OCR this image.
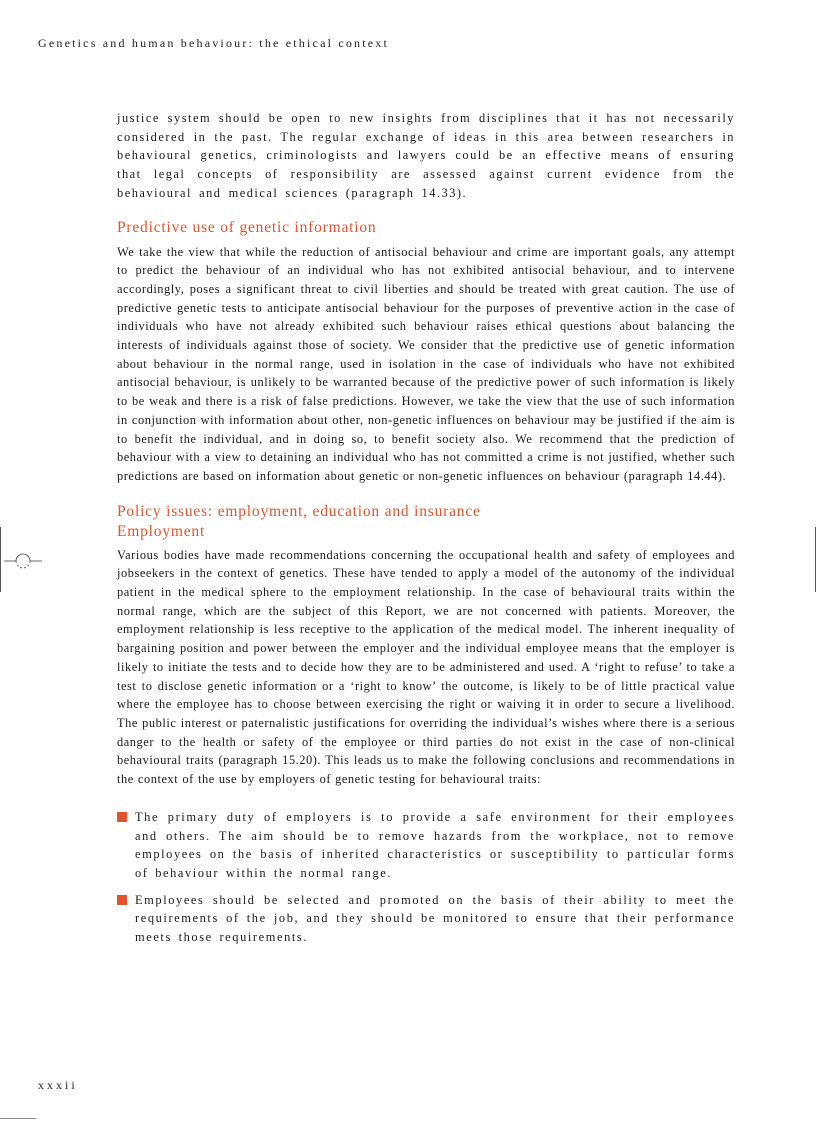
Genetics and human behaviour: the ethical context

justice system should be open to new insights from disciplines that it has not necessarily considered in the past. The regular exchange of ideas in this area between researchers in behavioural genetics, criminologists and lawyers could be an effective means of ensuring that legal concepts of responsibility are assessed against current evidence from the behavioural and medical sciences (paragraph 14.33).

Predictive use of genetic information

We take the view that while the reduction of antisocial behaviour and crime are important goals, any attempt to predict the behaviour of an individual who has not exhibited antisocial behaviour, and to intervene accordingly, poses a significant threat to civil liberties and should be treated with great caution. The use of predictive genetic tests to anticipate antisocial behaviour for the purposes of preventive action in the case of individuals who have not already exhibited such behaviour raises ethical questions about balancing the interests of individuals against those of society. We consider that the predictive use of genetic information about behaviour in the normal range, used in isolation in the case of individuals who have not exhibited antisocial behaviour, is unlikely to be warranted because of the predictive power of such information is likely to be weak and there is a risk of false predictions. However, we take the view that the use of such information in conjunction with information about other, non-genetic influences on behaviour may be justified if the aim is to benefit the individual, and in doing so, to benefit society also. We recommend that the prediction of behaviour with a view to detaining an individual who has not committed a crime is not justified, whether such predictions are based on information about genetic or non-genetic influences on behaviour (paragraph 14.44).

Policy issues: employment, education and insurance
Employment

Various bodies have made recommendations concerning the occupational health and safety of employees and jobseekers in the context of genetics. These have tended to apply a model of the autonomy of the individual patient in the medical sphere to the employment relationship. In the case of behavioural traits within the normal range, which are the subject of this Report, we are not concerned with patients. Moreover, the employment relationship is less receptive to the application of the medical model. The inherent inequality of bargaining position and power between the employer and the individual employee means that the employer is likely to initiate the tests and to decide how they are to be administered and used. A ‘right to refuse’ to take a test to disclose genetic information or a ‘right to know’ the outcome, is likely to be of little practical value where the employee has to choose between exercising the right or waiving it in order to secure a livelihood. The public interest or paternalistic justifications for overriding the individual’s wishes where there is a serious danger to the health or safety of the employee or third parties do not exist in the case of non-clinical behavioural traits (paragraph 15.20). This leads us to make the following conclusions and recommendations in the context of the use by employers of genetic testing for behavioural traits:

The primary duty of employers is to provide a safe environment for their employees and others. The aim should be to remove hazards from the workplace, not to remove employees on the basis of inherited characteristics or susceptibility to particular forms of behaviour within the normal range.

Employees should be selected and promoted on the basis of their ability to meet the requirements of the job, and they should be monitored to ensure that their performance meets those requirements.

xxxii
